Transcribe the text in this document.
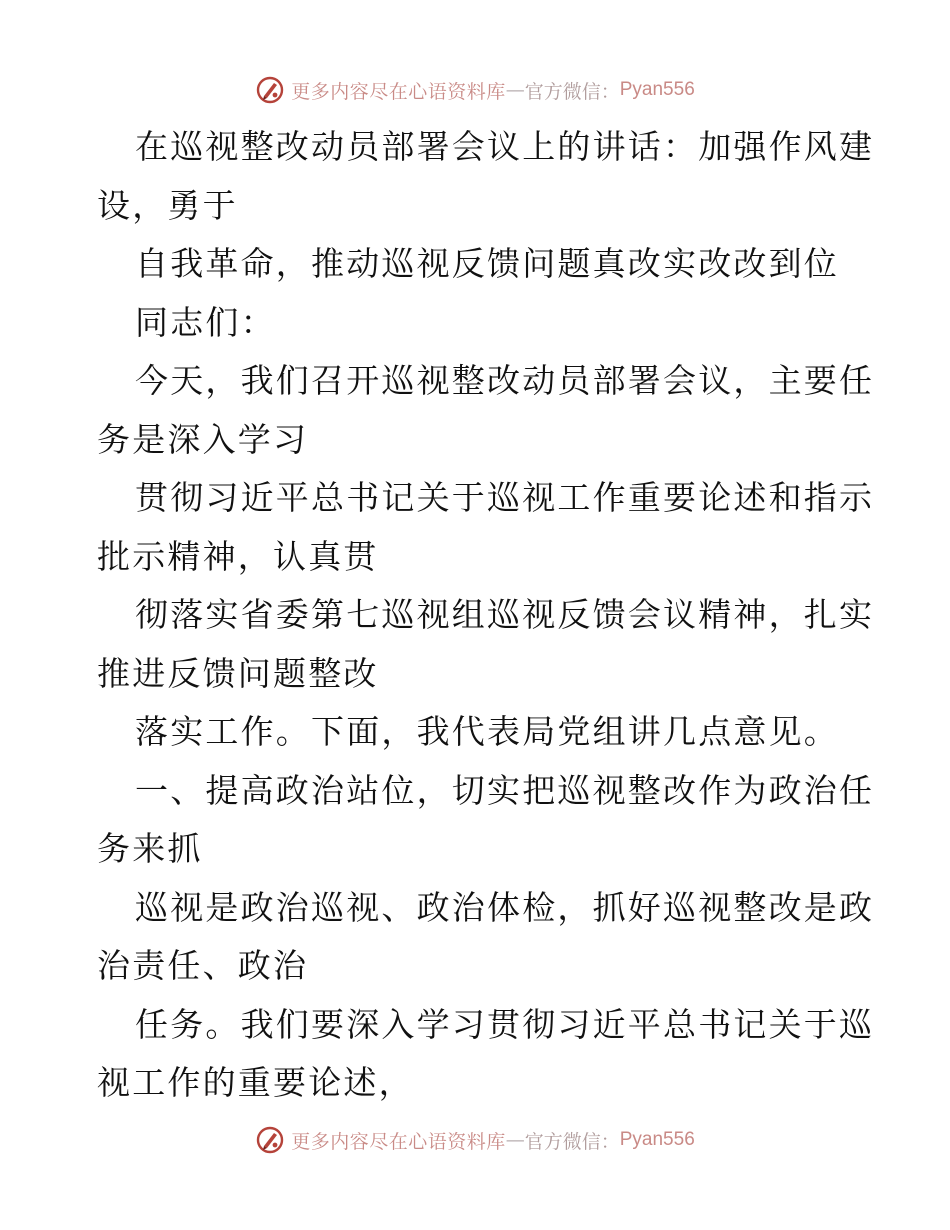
更多内容尽在心语资料库 — 官方微信： Pyan556
在巡视整改动员部署会议上的讲话：加强作风建
设，勇于
自我革命，推动巡视反馈问题真改实改改到位
同志们：
今天，我们召开巡视整改动员部署会议，主要任
务是深入学习
贯彻习近平总书记关于巡视工作重要论述和指示
批示精神，认真贯
彻落实省委第七巡视组巡视反馈会议精神，扎实
推进反馈问题整改
落实工作。下面，我代表局党组讲几点意见。
一、提高政治站位，切实把巡视整改作为政治任
务来抓
巡视是政治巡视、政治体检，抓好巡视整改是政
治责任、政治
任务。我们要深入学习贯彻习近平总书记关于巡
视工作的重要论述，
更多内容尽在心语资料库 — 官方微信： Pyan556
